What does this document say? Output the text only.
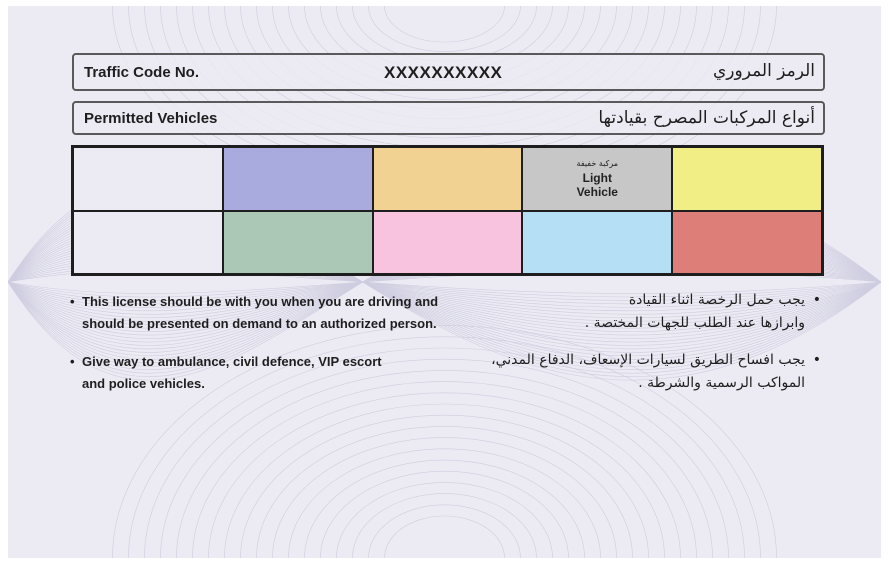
Traffic Code No.	XXXXXXXXXX	الرمز المروري
Permitted Vehicles	أنواع المركبات المصرح بقيادتها
مركبة خفيفة
Light
Vehicle
• This license should be with you when you are driving and
should be presented on demand to an authorized person.
• Give way to ambulance, civil defence, VIP escort
and police vehicles.
•
يجب حمل الرخصة اثناء القيادة
وابرازها عند الطلب للجهات المختصة .
•
يجب افساح الطريق لسيارات الإسعاف، الدفاع المدني،
المواكب الرسمية والشرطة .
